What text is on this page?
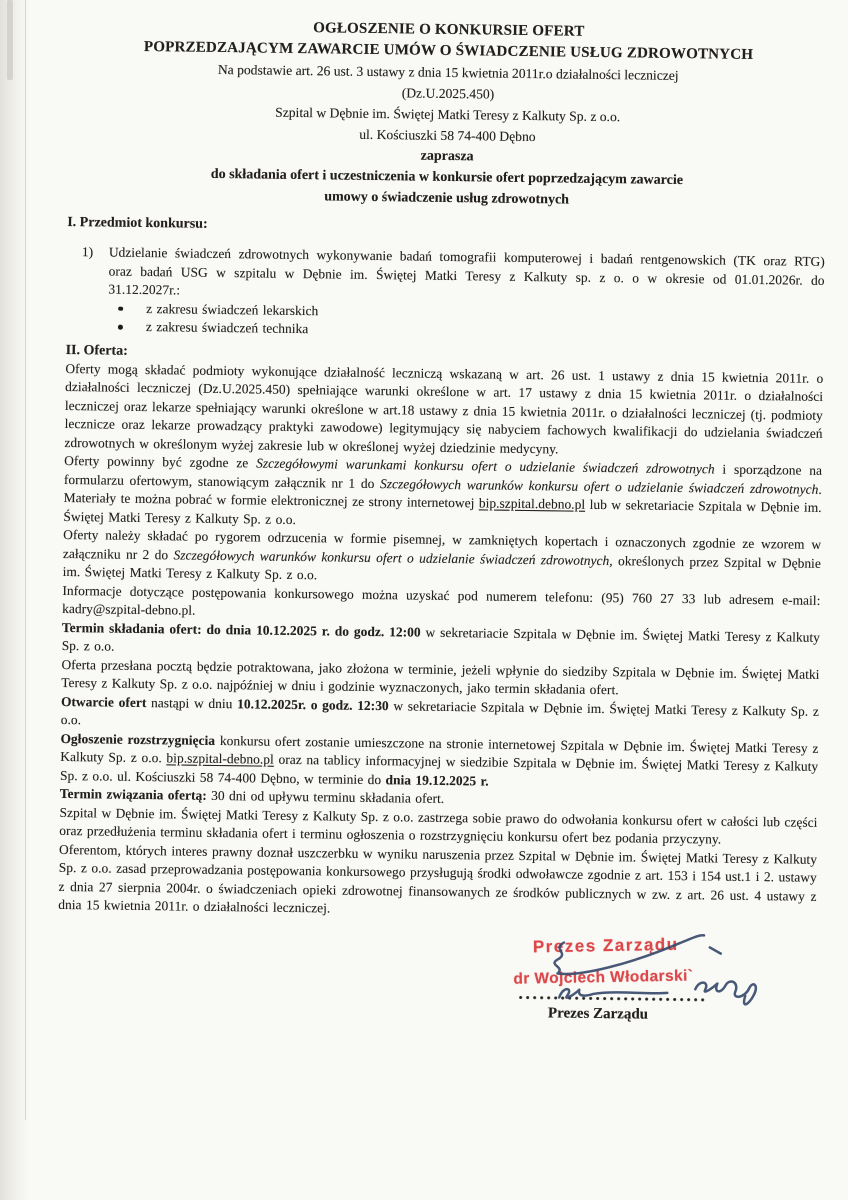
OGŁOSZENIE O KONKURSIE OFERT
POPRZEDZAJĄCYM ZAWARCIE UMÓW O ŚWIADCZENIE USŁUG ZDROWOTNYCH
Na podstawie art. 26 ust. 3 ustawy z dnia 15 kwietnia 2011r.o działalności leczniczej
(Dz.U.2025.450)
Szpital w Dębnie im. Świętej Matki Teresy z Kalkuty Sp. z o.o.
ul. Kościuszki 58 74-400 Dębno
zaprasza
do składania ofert i uczestniczenia w konkursie ofert poprzedzającym zawarcie
umowy o świadczenie usług zdrowotnych
I. Przedmiot konkursu:
1) Udzielanie świadczeń zdrowotnych wykonywanie badań tomografii komputerowej i badań rentgenowskich (TK oraz RTG) oraz badań USG w szpitalu w Dębnie im. Świętej Matki Teresy z Kalkuty sp. z o. o w okresie od 01.01.2026r. do 31.12.2027r.:
z zakresu świadczeń lekarskich
z zakresu świadczeń technika
II. Oferta:

Oferty mogą składać podmioty wykonujące działalność leczniczą wskazaną w art. 26 ust. 1 ustawy z dnia 15 kwietnia 2011r. o działalności leczniczej (Dz.U.2025.450) spełniające warunki określone w art. 17 ustawy z dnia 15 kwietnia 2011r. o działalności leczniczej oraz lekarze spełniający warunki określone w art.18 ustawy z dnia 15 kwietnia 2011r. o działalności leczniczej (tj. podmioty lecznicze oraz lekarze prowadzący praktyki zawodowe) legitymujący się nabyciem fachowych kwalifikacji do udzielania świadczeń zdrowotnych w określonym wyżej zakresie lub w określonej wyżej dziedzinie medycyny.

Oferty powinny być zgodne ze Szczegółowymi warunkami konkursu ofert o udzielanie świadczeń zdrowotnych i sporządzone na formularzu ofertowym, stanowiącym załącznik nr 1 do Szczegółowych warunków konkursu ofert o udzielanie świadczeń zdrowotnych. Materiały te można pobrać w formie elektronicznej ze strony internetowej bip.szpital.debno.pl lub w sekretariacie Szpitala w Dębnie im. Świętej Matki Teresy z Kalkuty Sp. z o.o.

Oferty należy składać po rygorem odrzucenia w formie pisemnej, w zamkniętych kopertach i oznaczonych zgodnie ze wzorem w załączniku nr 2 do Szczegółowych warunków konkursu ofert o udzielanie świadczeń zdrowotnych, określonych przez Szpital w Dębnie im. Świętej Matki Teresy z Kalkuty Sp. z o.o.

Informacje dotyczące postępowania konkursowego można uzyskać pod numerem telefonu: (95) 760 27 33 lub adresem e-mail: kadry@szpital-debno.pl.

Termin składania ofert: do dnia 10.12.2025 r. do godz. 12:00 w sekretariacie Szpitala w Dębnie im. Świętej Matki Teresy z Kalkuty Sp. z o.o.

Oferta przesłana pocztą będzie potraktowana, jako złożona w terminie, jeżeli wpłynie do siedziby Szpitala w Dębnie im. Świętej Matki Teresy z Kalkuty Sp. z o.o. najpóźniej w dniu i godzinie wyznaczonych, jako termin składania ofert.

Otwarcie ofert nastąpi w dniu 10.12.2025r. o godz. 12:30 w sekretariacie Szpitala w Dębnie im. Świętej Matki Teresy z Kalkuty Sp. z o.o.

Ogłoszenie rozstrzygnięcia konkursu ofert zostanie umieszczone na stronie internetowej Szpitala w Dębnie im. Świętej Matki Teresy z Kalkuty Sp. z o.o. bip.szpital-debno.pl oraz na tablicy informacyjnej w siedzibie Szpitala w Dębnie im. Świętej Matki Teresy z Kalkuty Sp. z o.o. ul. Kościuszki 58 74-400 Dębno, w terminie do dnia 19.12.2025 r.

Termin związania ofertą: 30 dni od upływu terminu składania ofert.

Szpital w Dębnie im. Świętej Matki Teresy z Kalkuty Sp. z o.o. zastrzega sobie prawo do odwołania konkursu ofert w całości lub części oraz przedłużenia terminu składania ofert i terminu ogłoszenia o rozstrzygnięciu konkursu ofert bez podania przyczyny.

Oferentom, których interes prawny doznał uszczerbku w wyniku naruszenia przez Szpital w Dębnie im. Świętej Matki Teresy z Kalkuty Sp. z o.o. zasad przeprowadzania postępowania konkursowego przysługują środki odwoławcze zgodnie z art. 153 i 154 ust.1 i 2. ustawy z dnia 27 sierpnia 2004r. o świadczeniach opieki zdrowotnej finansowanych ze środków publicznych w zw. z art. 26 ust. 4 ustawy z dnia 15 kwietnia 2011r. o działalności leczniczej.

Prezes Zarządu
dr Wojciech Włodarski`
Prezes Zarządu
